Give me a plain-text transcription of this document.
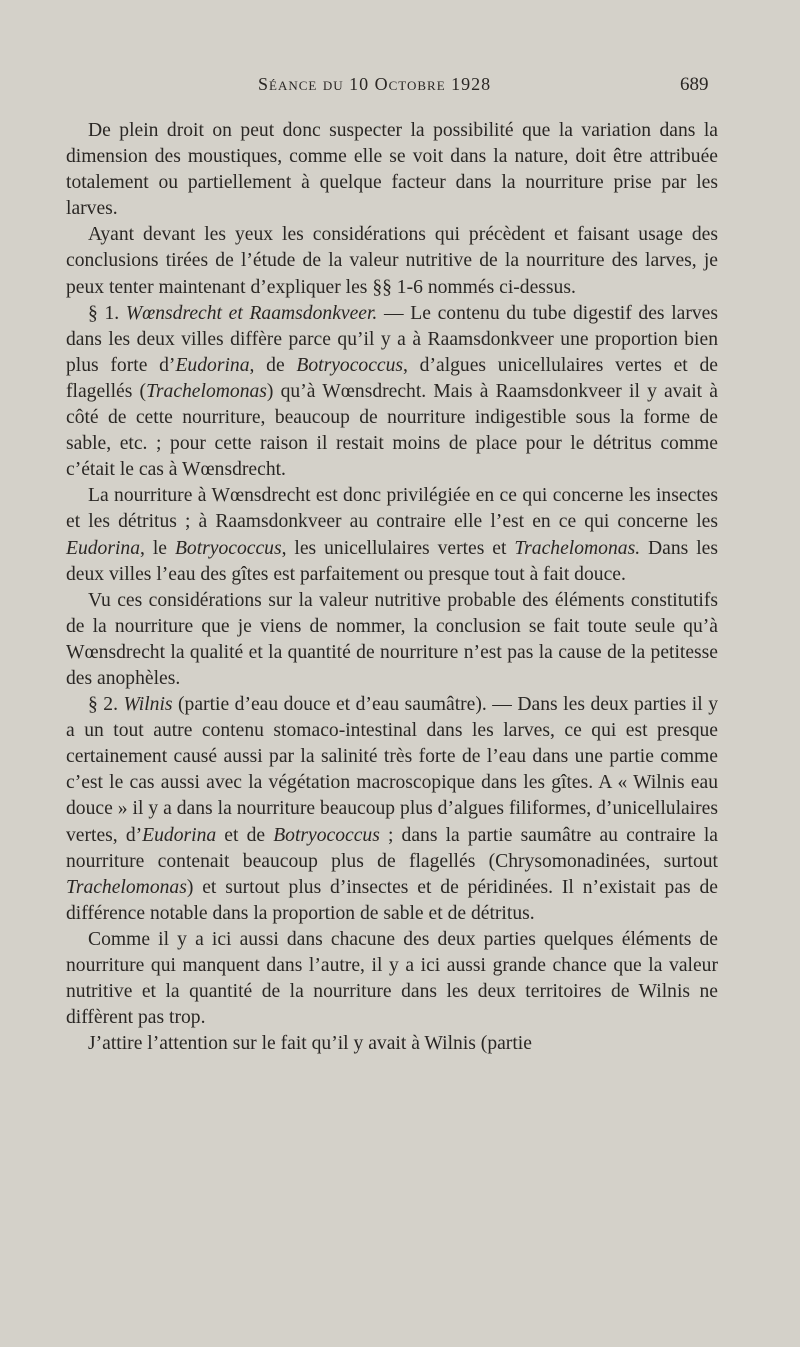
Séance du 10 Octobre 1928	689

De plein droit on peut donc suspecter la possibilité que la variation dans la dimension des moustiques, comme elle se voit dans la nature, doit être attribuée totalement ou partiellement à quelque facteur dans la nourriture prise par les larves.

Ayant devant les yeux les considérations qui précèdent et faisant usage des conclusions tirées de l’étude de la valeur nutritive de la nourriture des larves, je peux tenter maintenant d’expliquer les §§ 1-6 nommés ci-dessus.

§ 1. Wœnsdrecht et Raamsdonkveer. — Le contenu du tube digestif des larves dans les deux villes diffère parce qu’il y a à Raamsdonkveer une proportion bien plus forte d’Eudorina, de Botryococcus, d’algues unicellulaires vertes et de flagellés (Trachelomonas) qu’à Wœnsdrecht. Mais à Raamsdonkveer il y avait à côté de cette nourriture, beaucoup de nourriture indigestible sous la forme de sable, etc. ; pour cette raison il restait moins de place pour le détritus comme c’était le cas à Wœnsdrecht.

La nourriture à Wœnsdrecht est donc privilégiée en ce qui concerne les insectes et les détritus ; à Raamsdonkveer au contraire elle l’est en ce qui concerne les Eudorina, le Botryococcus, les unicellulaires vertes et Trachelomonas. Dans les deux villes l’eau des gîtes est parfaitement ou presque tout à fait douce.

Vu ces considérations sur la valeur nutritive probable des éléments constitutifs de la nourriture que je viens de nommer, la conclusion se fait toute seule qu’à Wœnsdrecht la qualité et la quantité de nourriture n’est pas la cause de la petitesse des anophèles.

§ 2. Wilnis (partie d’eau douce et d’eau saumâtre). — Dans les deux parties il y a un tout autre contenu stomaco-intestinal dans les larves, ce qui est presque certainement causé aussi par la salinité très forte de l’eau dans une partie comme c’est le cas aussi avec la végétation macroscopique dans les gîtes. A « Wilnis eau douce » il y a dans la nourriture beaucoup plus d’algues filiformes, d’unicellulaires vertes, d’Eudorina et de Botryococcus ; dans la partie saumâtre au contraire la nourriture contenait beaucoup plus de flagellés (Chrysomonadinées, surtout Trachelomonas) et surtout plus d’insectes et de péridinées. Il n’existait pas de différence notable dans la proportion de sable et de détritus.

Comme il y a ici aussi dans chacune des deux parties quelques éléments de nourriture qui manquent dans l’autre, il y a ici aussi grande chance que la valeur nutritive et la quantité de la nourriture dans les deux territoires de Wilnis ne diffèrent pas trop.

J’attire l’attention sur le fait qu’il y avait à Wilnis (partie
